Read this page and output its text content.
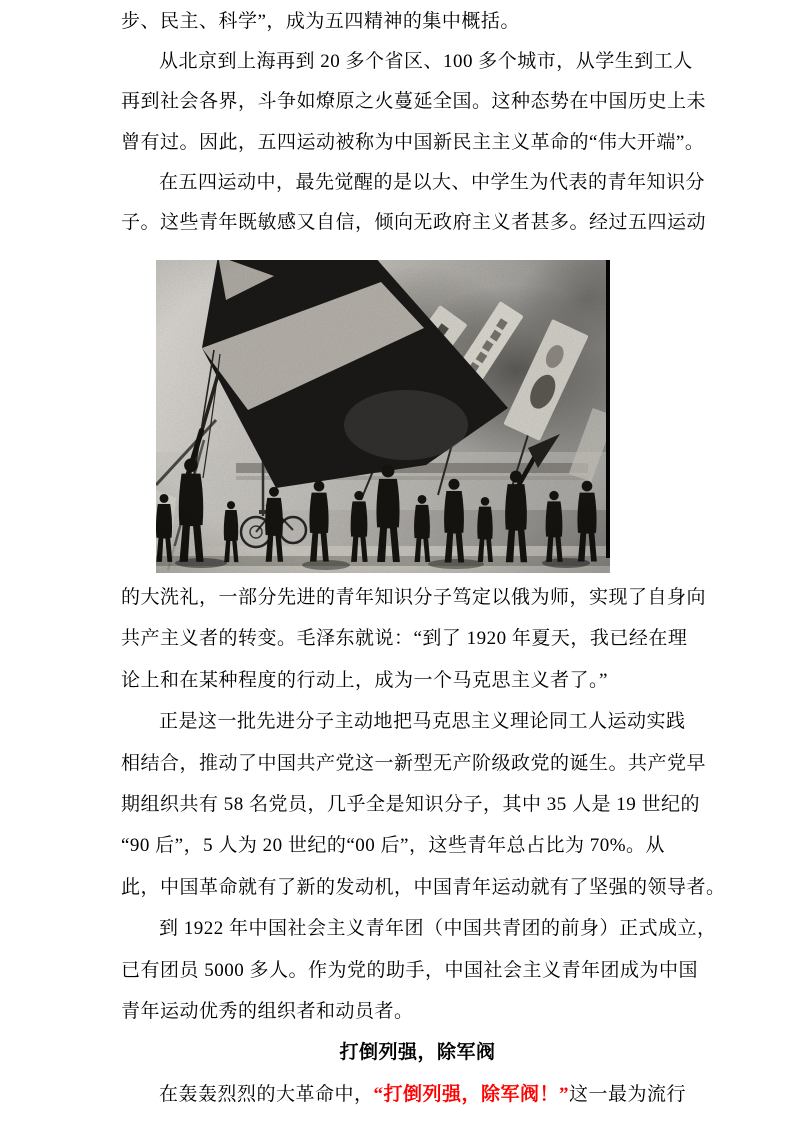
步、民主、科学”，成为五四精神的集中概括。
从北京到上海再到 20 多个省区、100 多个城市，从学生到工人
再到社会各界，斗争如燎原之火蔓延全国。这种态势在中国历史上未
曾有过。因此，五四运动被称为中国新民主主义革命的“伟大开端”。
在五四运动中，最先觉醒的是以大、中学生为代表的青年知识分
子。这些青年既敏感又自信，倾向无政府主义者甚多。经过五四运动
的大洗礼，一部分先进的青年知识分子笃定以俄为师，实现了自身向
共产主义者的转变。毛泽东就说：“到了 1920 年夏天，我已经在理
论上和在某种程度的行动上，成为一个马克思主义者了。”
正是这一批先进分子主动地把马克思主义理论同工人运动实践
相结合，推动了中国共产党这一新型无产阶级政党的诞生。共产党早
期组织共有 58 名党员，几乎全是知识分子，其中 35 人是 19 世纪的
“90 后”，5 人为 20 世纪的“00 后”，这些青年总占比为 70%。从
此，中国革命就有了新的发动机，中国青年运动就有了坚强的领导者。
到 1922 年中国社会主义青年团（中国共青团的前身）正式成立，
已有团员 5000 多人。作为党的助手，中国社会主义青年团成为中国
青年运动优秀的组织者和动员者。
打倒列强，除军阀
在轰轰烈烈的大革命中，“打倒列强，除军阀！”这一最为流行
